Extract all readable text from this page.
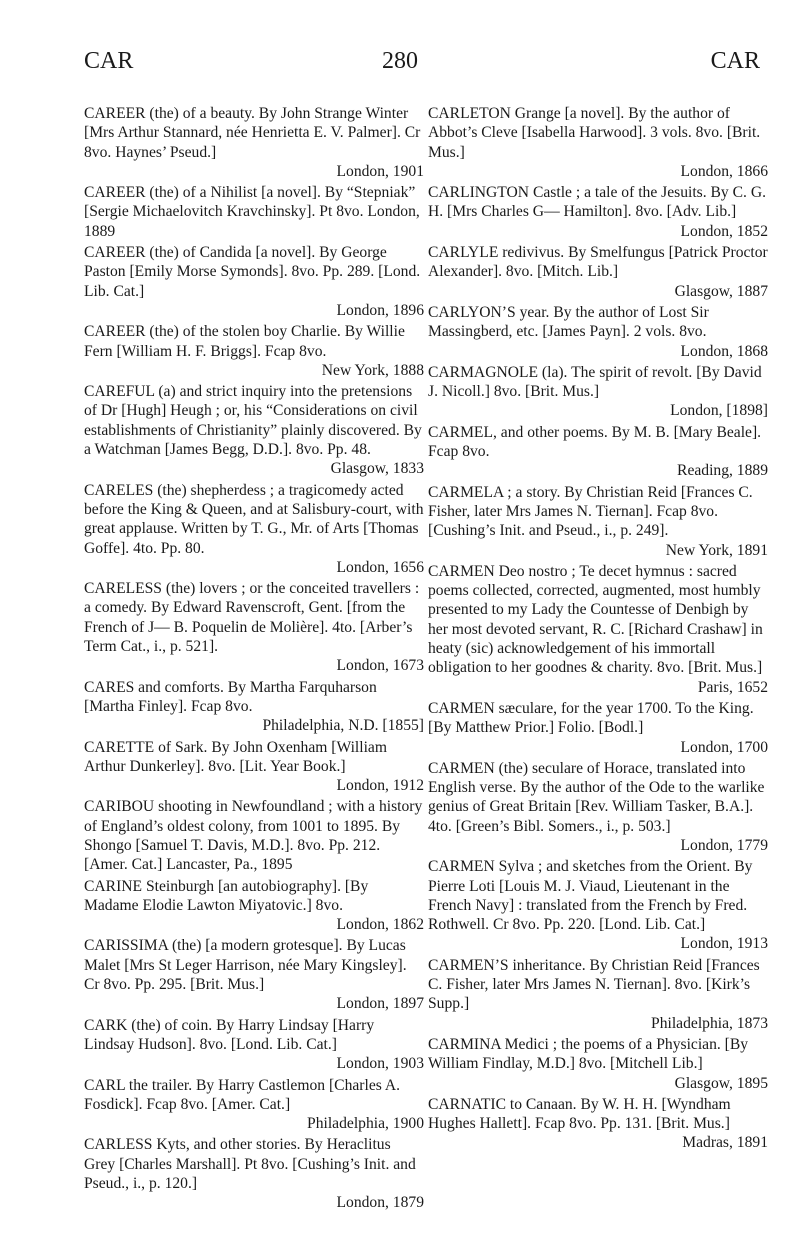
CAR	280	CAR
CAREER (the) of a beauty. By John Strange Winter [Mrs Arthur Stannard, née Henrietta E. V. Palmer]. Cr 8vo. Haynes’ Pseud.]
London, 1901
CAREER (the) of a Nihilist [a novel]. By “Stepniak” [Sergie Michaelovitch Kravchinsky]. Pt 8vo. London, 1889
CAREER (the) of Candida [a novel]. By George Paston [Emily Morse Symonds]. 8vo. Pp. 289. [Lond. Lib. Cat.]
London, 1896
CAREER (the) of the stolen boy Charlie. By Willie Fern [William H. F. Briggs]. Fcap 8vo.
New York, 1888
CAREFUL (a) and strict inquiry into the pretensions of Dr [Hugh] Heugh ; or, his “Considerations on civil establishments of Christianity” plainly discovered. By a Watchman [James Begg, D.D.]. 8vo. Pp. 48.
Glasgow, 1833
CARELES (the) shepherdess ; a tragicomedy acted before the King & Queen, and at Salisbury-court, with great applause. Written by T. G., Mr. of Arts [Thomas Goffe]. 4to. Pp. 80.
London, 1656
CARELESS (the) lovers ; or the conceited travellers : a comedy. By Edward Ravenscroft, Gent. [from the French of J— B. Poquelin de Molière]. 4to. [Arber’s Term Cat., i., p. 521].
London, 1673
CARES and comforts. By Martha Farquharson [Martha Finley]. Fcap 8vo.
Philadelphia, N.D. [1855]
CARETTE of Sark. By John Oxenham [William Arthur Dunkerley]. 8vo. [Lit. Year Book.]
London, 1912
CARIBOU shooting in Newfoundland ; with a history of England’s oldest colony, from 1001 to 1895. By Shongo [Samuel T. Davis, M.D.]. 8vo. Pp. 212. [Amer. Cat.] Lancaster, Pa., 1895
CARINE Steinburgh [an autobiography]. [By Madame Elodie Lawton Miyatovic.] 8vo.
London, 1862
CARISSIMA (the) [a modern grotesque]. By Lucas Malet [Mrs St Leger Harrison, née Mary Kingsley]. Cr 8vo. Pp. 295. [Brit. Mus.]
London, 1897
CARK (the) of coin. By Harry Lindsay [Harry Lindsay Hudson]. 8vo. [Lond. Lib. Cat.]
London, 1903
CARL the trailer. By Harry Castlemon [Charles A. Fosdick]. Fcap 8vo. [Amer. Cat.]
Philadelphia, 1900
CARLESS Kyts, and other stories. By Heraclitus Grey [Charles Marshall]. Pt 8vo. [Cushing’s Init. and Pseud., i., p. 120.]
London, 1879
CARLETON Grange [a novel]. By the author of Abbot’s Cleve [Isabella Harwood]. 3 vols. 8vo. [Brit. Mus.]
London, 1866
CARLINGTON Castle ; a tale of the Jesuits. By C. G. H. [Mrs Charles G— Hamilton]. 8vo. [Adv. Lib.]
London, 1852
CARLYLE redivivus. By Smelfungus [Patrick Proctor Alexander]. 8vo. [Mitch. Lib.]
Glasgow, 1887
CARLYON’S year. By the author of Lost Sir Massingberd, etc. [James Payn]. 2 vols. 8vo.
London, 1868
CARMAGNOLE (la). The spirit of revolt. [By David J. Nicoll.] 8vo. [Brit. Mus.]
London, [1898]
CARMEL, and other poems. By M. B. [Mary Beale]. Fcap 8vo.
Reading, 1889
CARMELA ; a story. By Christian Reid [Frances C. Fisher, later Mrs James N. Tiernan]. Fcap 8vo. [Cushing’s Init. and Pseud., i., p. 249].
New York, 1891
CARMEN Deo nostro ; Te decet hymnus : sacred poems collected, corrected, augmented, most humbly presented to my Lady the Countesse of Denbigh by her most devoted servant, R. C. [Richard Crashaw] in heaty (sic) acknowledgement of his immortall obligation to her goodnes & charity. 8vo. [Brit. Mus.]
Paris, 1652
CARMEN sæculare, for the year 1700. To the King. [By Matthew Prior.] Folio. [Bodl.]
London, 1700
CARMEN (the) seculare of Horace, translated into English verse. By the author of the Ode to the warlike genius of Great Britain [Rev. William Tasker, B.A.]. 4to. [Green’s Bibl. Somers., i., p. 503.]
London, 1779
CARMEN Sylva ; and sketches from the Orient. By Pierre Loti [Louis M. J. Viaud, Lieutenant in the French Navy] : translated from the French by Fred. Rothwell. Cr 8vo. Pp. 220. [Lond. Lib. Cat.]
London, 1913
CARMEN’S inheritance. By Christian Reid [Frances C. Fisher, later Mrs James N. Tiernan]. 8vo. [Kirk’s Supp.]
Philadelphia, 1873
CARMINA Medici ; the poems of a Physician. [By William Findlay, M.D.] 8vo. [Mitchell Lib.]
Glasgow, 1895
CARNATIC to Canaan. By W. H. H. [Wyndham Hughes Hallett]. Fcap 8vo. Pp. 131. [Brit. Mus.]
Madras, 1891
